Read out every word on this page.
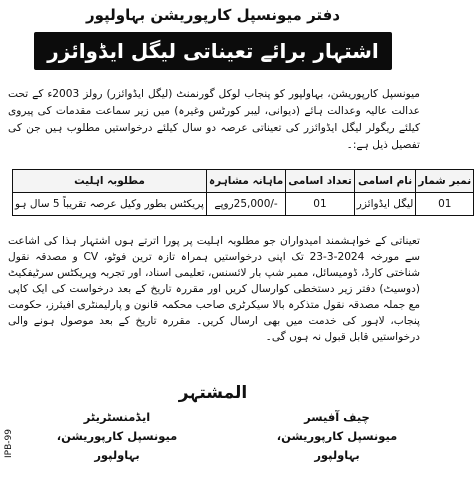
دفتر میونسپل کارپوریشن بہاولپور
اشتہار برائے تعیناتی لیگل ایڈوائزر
میونسپل کارپوریشن، بہاولپور کو پنجاب لوکل گورنمنٹ (لیگل ایڈوائزر) رولز 2003ء کے تحت عدالت عالیہ وعدالت ہائے (دیوانی، لیبر کورٹس وغیرہ) میں زیر سماعت مقدمات کی پیروی کیلئے ریگولر لیگل ایڈوائزر کی تعیناتی عرصہ دو سال کیلئے درخواستیں مطلوب ہیں جن کی تفصیل ذیل ہے:۔
نمبر شمار	نام اسامی	تعداد اسامی	ماہانہ مشاہرہ	مطلوبہ اہلیت
01	لیگل ایڈوائزر	01	-/25,000روپے	پریکٹس بطور وکیل عرصہ تقریباً 5 سال ہو
تعیناتی کے خواہشمند امیدواران جو مطلوبہ اہلیت پر پورا اترتے ہوں اشتہار ہذا کی اشاعت سے مورخہ 2024-3-23 تک اپنی درخواستیں ہمراہ تازہ ترین فوٹو، CV و مصدقہ نقول شناختی کارڈ، ڈومیسائل، ممبر شپ بار لائسنس، تعلیمی اسناد، اور تجربہ وپریکٹس سرٹیفکیٹ (دوسیٹ) دفتر زیر دستخطی کوارسال کریں اور مقررہ تاریخ کے بعد درخواست کی ایک کاپی مع جملہ مصدقہ نقول متذکرہ بالا سیکرٹری صاحب محکمہ قانون و پارلیمنٹری افیئرز، حکومت پنجاب، لاہور کی خدمت میں بھی ارسال کریں۔ مقررہ تاریخ کے بعد موصول ہونے والی درخواستیں قابل قبول نہ ہوں گی۔
المشتہر
چیف آفیسر
میونسپل کارپوریشن، بہاولپور
ایڈمنسٹریٹر
میونسپل کارپوریشن، بہاولپور
IPB-99
